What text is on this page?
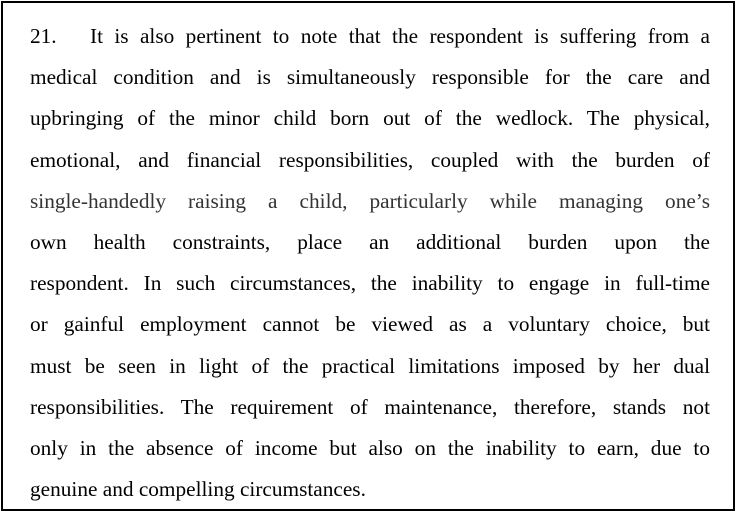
21. It is also pertinent to note that the respondent is suffering from a
medical condition and is simultaneously responsible for the care and
upbringing of the minor child born out of the wedlock. The physical,
emotional, and financial responsibilities, coupled with the burden of
single-handedly raising a child, particularly while managing one’s
own health constraints, place an additional burden upon the
respondent. In such circumstances, the inability to engage in full-time
or gainful employment cannot be viewed as a voluntary choice, but
must be seen in light of the practical limitations imposed by her dual
responsibilities. The requirement of maintenance, therefore, stands not
only in the absence of income but also on the inability to earn, due to
genuine and compelling circumstances.
